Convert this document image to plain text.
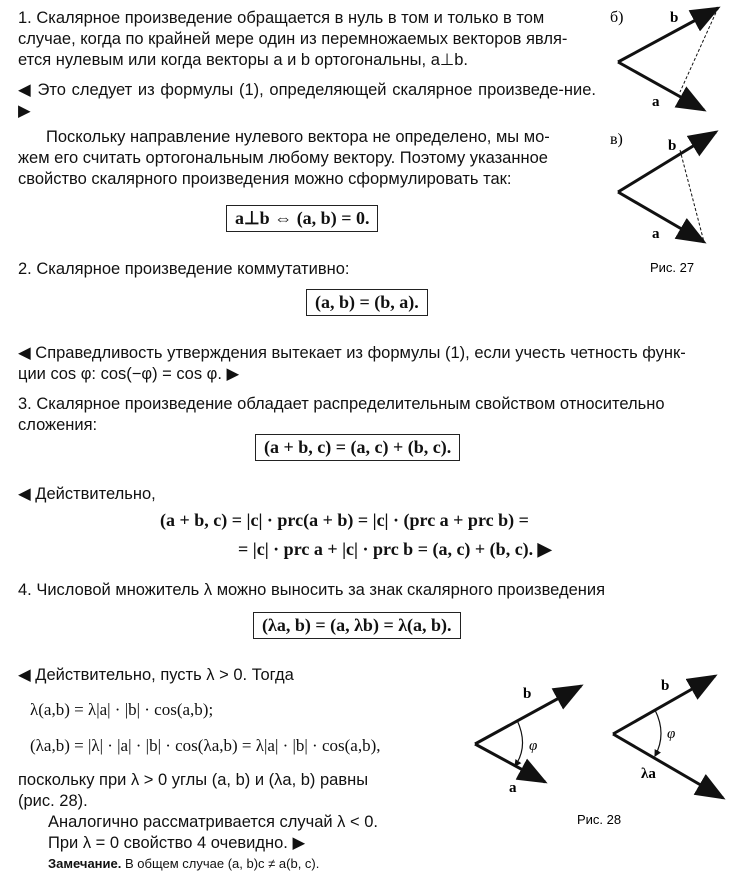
1. Скалярное произведение обращается в нуль в том и только в том
случае, когда по крайней мере один из перемножаемых векторов явля-
ется нулевым или когда векторы a и b ортогональны, a⊥b.
◀ Это следует из формулы (1), определяющей скалярное произведе-ние. ▶
Поскольку направление нулевого вектора не определено, мы мо-
жем его считать ортогональным любому вектору. Поэтому указанное
свойство скалярного произведения можно сформулировать так:
a⊥b ⇔ (a, b) = 0.
б)	b
a
в)	b
a
Рис. 27
2. Скалярное произведение коммутативно:
(a, b) = (b, a).
◀ Справедливость утверждения вытекает из формулы (1), если учесть четность функ-
ции cos φ: cos(−φ) = cos φ. ▶
3. Скалярное произведение обладает распределительным свойством относительно
сложения:
(a + b, c) = (a, c) + (b, c).
◀ Действительно,
(a + b, c) = |c| · prc(a + b) = |c| · (prc a + prc b) =
= |c| · prc a + |c| · prc b = (a, c) + (b, c). ▶
4. Числовой множитель λ можно выносить за знак скалярного произведения
(λa, b) = (a, λb) = λ(a, b).
◀ Действительно, пусть λ > 0. Тогда
λ(a,b) = λ|a| · |b| · cos(a,b);
(λa,b) = |λ| · |a| · |b| · cos(λa,b) = λ|a| · |b| · cos(a,b),
поскольку при λ > 0 углы (a, b) и (λa, b) равны
(рис. 28).
Аналогично рассматривается случай λ < 0.
При λ = 0 свойство 4 очевидно. ▶
Замечание. В общем случае (a, b)c ≠ a(b, c).
b
a
φ
b
λa
φ
Рис. 28
